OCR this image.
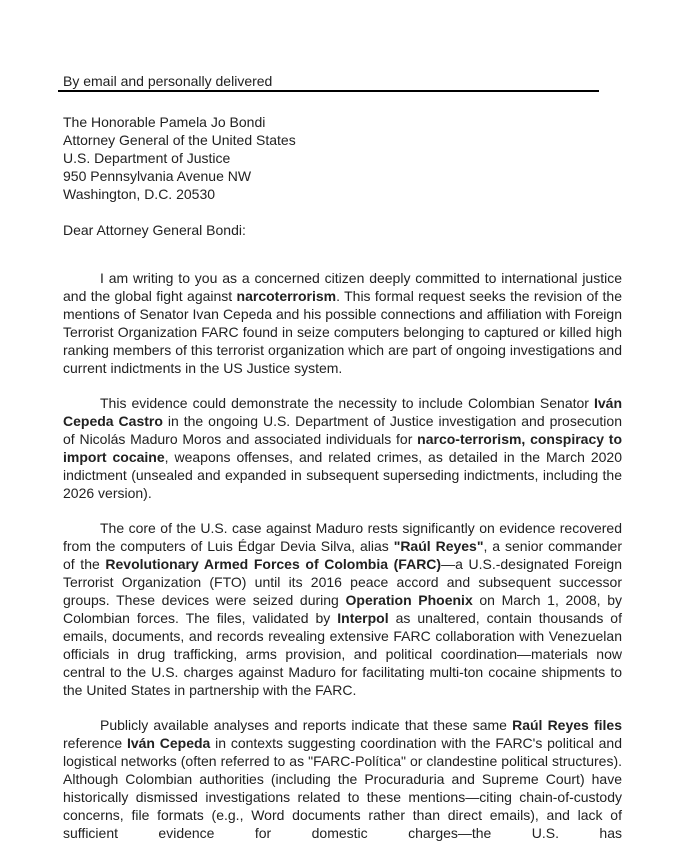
By email and personally delivered
The Honorable Pamela Jo Bondi
Attorney General of the United States
U.S. Department of Justice
950 Pennsylvania Avenue NW
Washington, D.C. 20530
Dear Attorney General Bondi:

I am writing to you as a concerned citizen deeply committed to international justice and the global fight against narcoterrorism. This formal request seeks the revision of the mentions of Senator Ivan Cepeda and his possible connections and affiliation with Foreign Terrorist Organization FARC found in seize computers belonging to captured or killed high ranking members of this terrorist organization which are part of ongoing investigations and current indictments in the US Justice system.

This evidence could demonstrate the necessity to include Colombian Senator Iván Cepeda Castro in the ongoing U.S. Department of Justice investigation and prosecution of Nicolás Maduro Moros and associated individuals for narco-terrorism, conspiracy to import cocaine, weapons offenses, and related crimes, as detailed in the March 2020 indictment (unsealed and expanded in subsequent superseding indictments, including the 2026 version).

The core of the U.S. case against Maduro rests significantly on evidence recovered from the computers of Luis Édgar Devia Silva, alias "Raúl Reyes", a senior commander of the Revolutionary Armed Forces of Colombia (FARC)—a U.S.-designated Foreign Terrorist Organization (FTO) until its 2016 peace accord and subsequent successor groups. These devices were seized during Operation Phoenix on March 1, 2008, by Colombian forces. The files, validated by Interpol as unaltered, contain thousands of emails, documents, and records revealing extensive FARC collaboration with Venezuelan officials in drug trafficking, arms provision, and political coordination—materials now central to the U.S. charges against Maduro for facilitating multi-ton cocaine shipments to the United States in partnership with the FARC.

Publicly available analyses and reports indicate that these same Raúl Reyes files reference Iván Cepeda in contexts suggesting coordination with the FARC's political and logistical networks (often referred to as "FARC-Política" or clandestine political structures). Although Colombian authorities (including the Procuraduria and Supreme Court) have historically dismissed investigations related to these mentions—citing chain-of-custody concerns, file formats (e.g., Word documents rather than direct emails), and lack of sufficient evidence for domestic charges—the U.S. has
